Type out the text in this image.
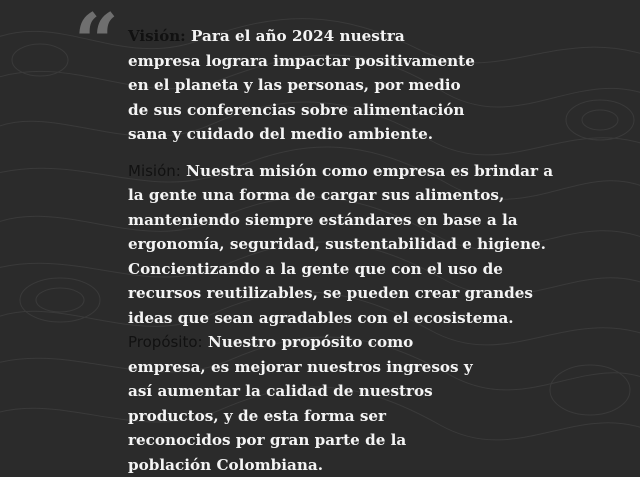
“ Visión: Para el año 2024 nuestra empresa lograra impactar positivamente en el planeta y las personas, por medio de sus conferencias sobre alimentación sana y cuidado del medio ambiente.

Misión: Nuestra misión como empresa es brindar a la gente una forma de cargar sus alimentos, manteniendo siempre estándares en base a la ergonomía, seguridad, sustentabilidad e higiene. Concientizando a la gente que con el uso de recursos reutilizables, se pueden crear grandes ideas que sean agradables con el ecosistema.

Propósito: Nuestro propósito como empresa, es mejorar nuestros ingresos y así aumentar la calidad de nuestros productos, y de esta forma ser reconocidos por gran parte de la población Colombiana.
